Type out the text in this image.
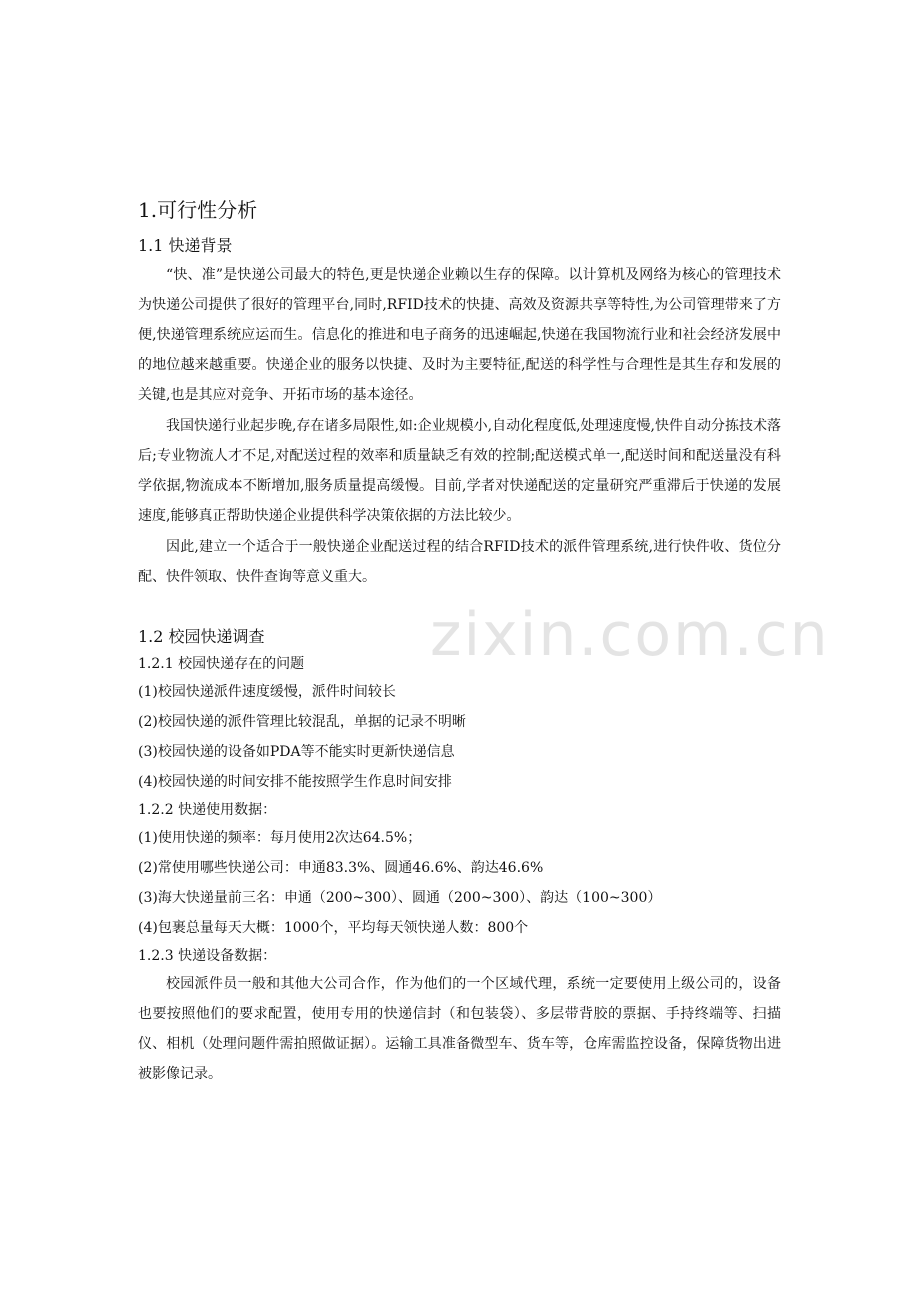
zixin.com.cn
1.可行性分析
1.1 快递背景

“快、准”是快递公司最大的特色,更是快递企业赖以生存的保障。以计算机及网络为核心的管理技术为快递公司提供了很好的管理平台,同时,RFID技术的快捷、高效及资源共享等特性,为公司管理带来了方便,快递管理系统应运而生。信息化的推进和电子商务的迅速崛起,快递在我国物流行业和社会经济发展中的地位越来越重要。快递企业的服务以快捷、及时为主要特征,配送的科学性与合理性是其生存和发展的关键,也是其应对竞争、开拓市场的基本途径。

我国快递行业起步晚,存在诸多局限性,如:企业规模小,自动化程度低,处理速度慢,快件自动分拣技术落后;专业物流人才不足,对配送过程的效率和质量缺乏有效的控制;配送模式单一,配送时间和配送量没有科学依据,物流成本不断增加,服务质量提高缓慢。目前,学者对快递配送的定量研究严重滞后于快递的发展速度,能够真正帮助快递企业提供科学决策依据的方法比较少。

因此,建立一个适合于一般快递企业配送过程的结合RFID技术的派件管理系统,进行快件收、货位分配、快件领取、快件查询等意义重大。

1.2 校园快递调查
1.2.1 校园快递存在的问题
(1)校园快递派件速度缓慢，派件时间较长
(2)校园快递的派件管理比较混乱，单据的记录不明晰
(3)校园快递的设备如PDA等不能实时更新快递信息
(4)校园快递的时间安排不能按照学生作息时间安排
1.2.2 快递使用数据：
(1)使用快递的频率：每月使用2次达64.5%；
(2)常使用哪些快递公司：申通83.3%、圆通46.6%、韵达46.6%
(3)海大快递量前三名：申通（200~300）、圆通（200~300）、韵达（100~300）
(4)包裹总量每天大概：1000个，平均每天领快递人数：800个
1.2.3 快递设备数据：

校园派件员一般和其他大公司合作，作为他们的一个区域代理，系统一定要使用上级公司的，设备也要按照他们的要求配置，使用专用的快递信封（和包装袋）、多层带背胶的票据、手持终端等、扫描仪、相机（处理问题件需拍照做证据）。运输工具准备微型车、货车等，仓库需监控设备，保障货物出进被影像记录。
